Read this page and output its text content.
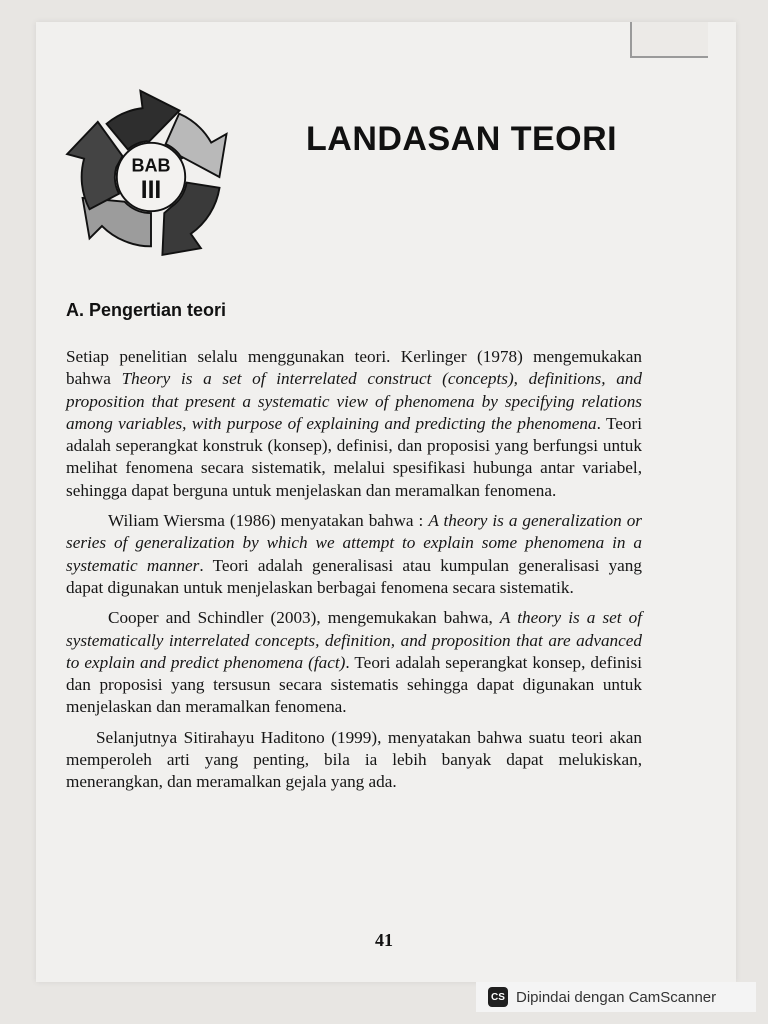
BAB
III
LANDASAN TEORI
A. Pengertian teori

Setiap penelitian selalu menggunakan teori. Kerlinger (1978) mengemukakan bahwa Theory is a set of interrelated construct (concepts), definitions, and proposition that present a systematic view of phenomena by specifying relations among variables, with purpose of explaining and predicting the phenomena. Teori adalah seperangkat konstruk (konsep), definisi, dan proposisi yang berfungsi untuk melihat fenomena secara sistematik, melalui spesifikasi hubunga antar variabel, sehingga dapat berguna untuk menjelaskan dan meramalkan fenomena.

Wiliam Wiersma (1986) menyatakan bahwa : A theory is a generalization or series of generalization by which we attempt to explain some phenomena in a systematic manner. Teori adalah generalisasi atau kumpulan generalisasi yang dapat digunakan untuk menjelaskan berbagai fenomena secara sistematik.

Cooper and Schindler (2003), mengemukakan bahwa, A theory is a set of systematically interrelated concepts, definition, and proposition that are advanced to explain and predict phenomena (fact). Teori adalah seperangkat konsep, definisi dan proposisi yang tersusun secara sistematis sehingga dapat digunakan untuk menjelaskan dan meramalkan fenomena.

Selanjutnya Sitirahayu Haditono (1999), menyatakan bahwa suatu teori akan memperoleh arti yang penting, bila ia lebih banyak dapat melukiskan, menerangkan, dan meramalkan gejala yang ada.

41
CS Dipindai dengan CamScanner
